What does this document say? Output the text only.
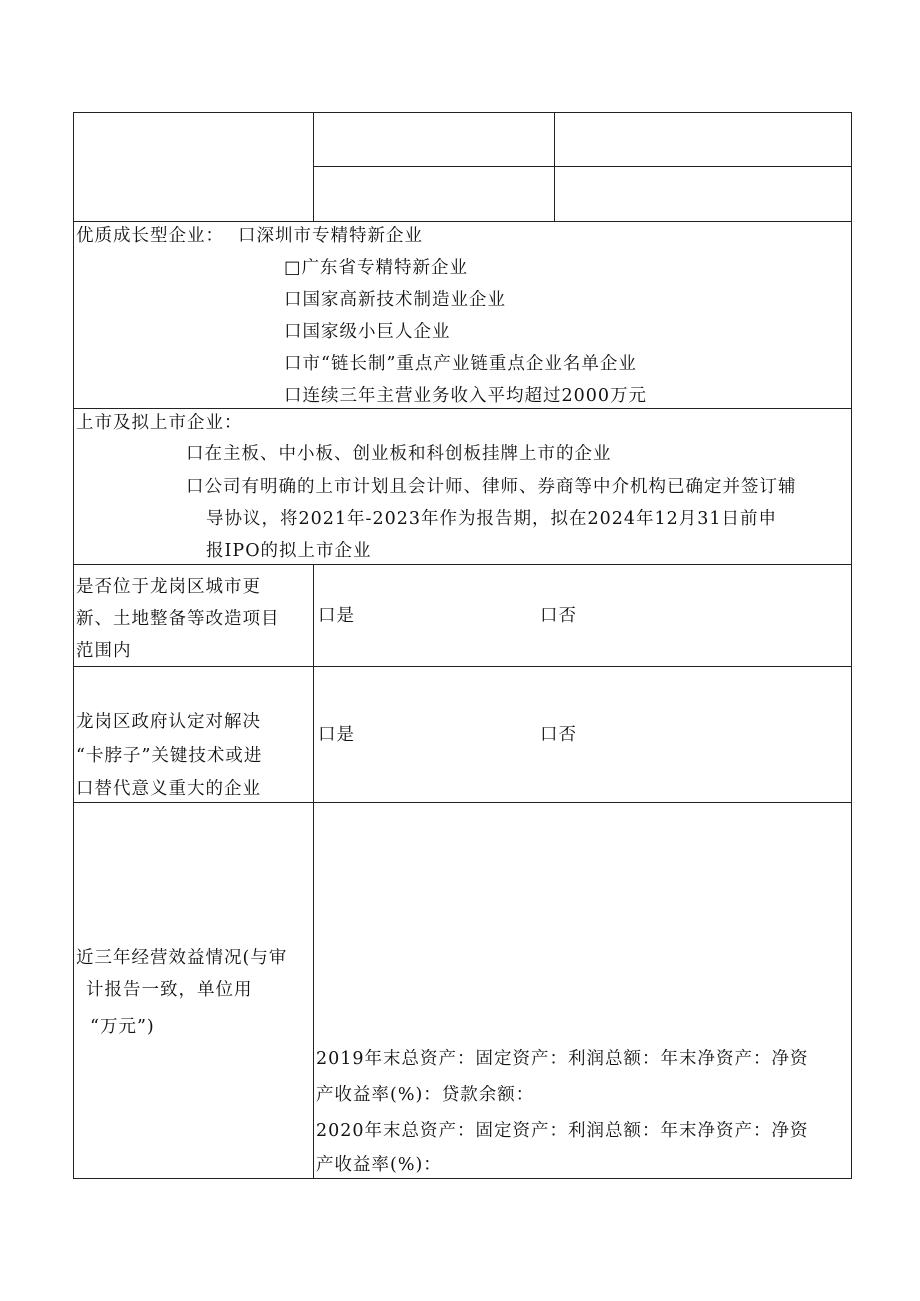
优质成长型企业： 口深圳市专精特新企业
□广东省专精特新企业
口国家高新技术制造业企业
口国家级小巨人企业
口市“链长制”重点产业链重点企业名单企业
口连续三年主营业务收入平均超过2000万元
上市及拟上市企业：
口在主板、中小板、创业板和科创板挂牌上市的企业
口公司有明确的上市计划且会计师、律师、券商等中介机构已确定并签订辅
导协议，将2021年-2023年作为报告期，拟在2024年12月31日前申
报IPO的拟上市企业
是否位于龙岗区城市更
新、土地整备等改造项目
范围内
口是	口否
龙岗区政府认定对解决
“卡脖子”关键技术或进
口替代意义重大的企业
口是	口否
近三年经营效益情况(与审
计报告一致，单位用
“万元”)
2019年末总资产：固定资产：利润总额：年末净资产：净资
产收益率(%)：贷款余额：
2020年末总资产：固定资产：利润总额：年末净资产：净资
产收益率(%)：
